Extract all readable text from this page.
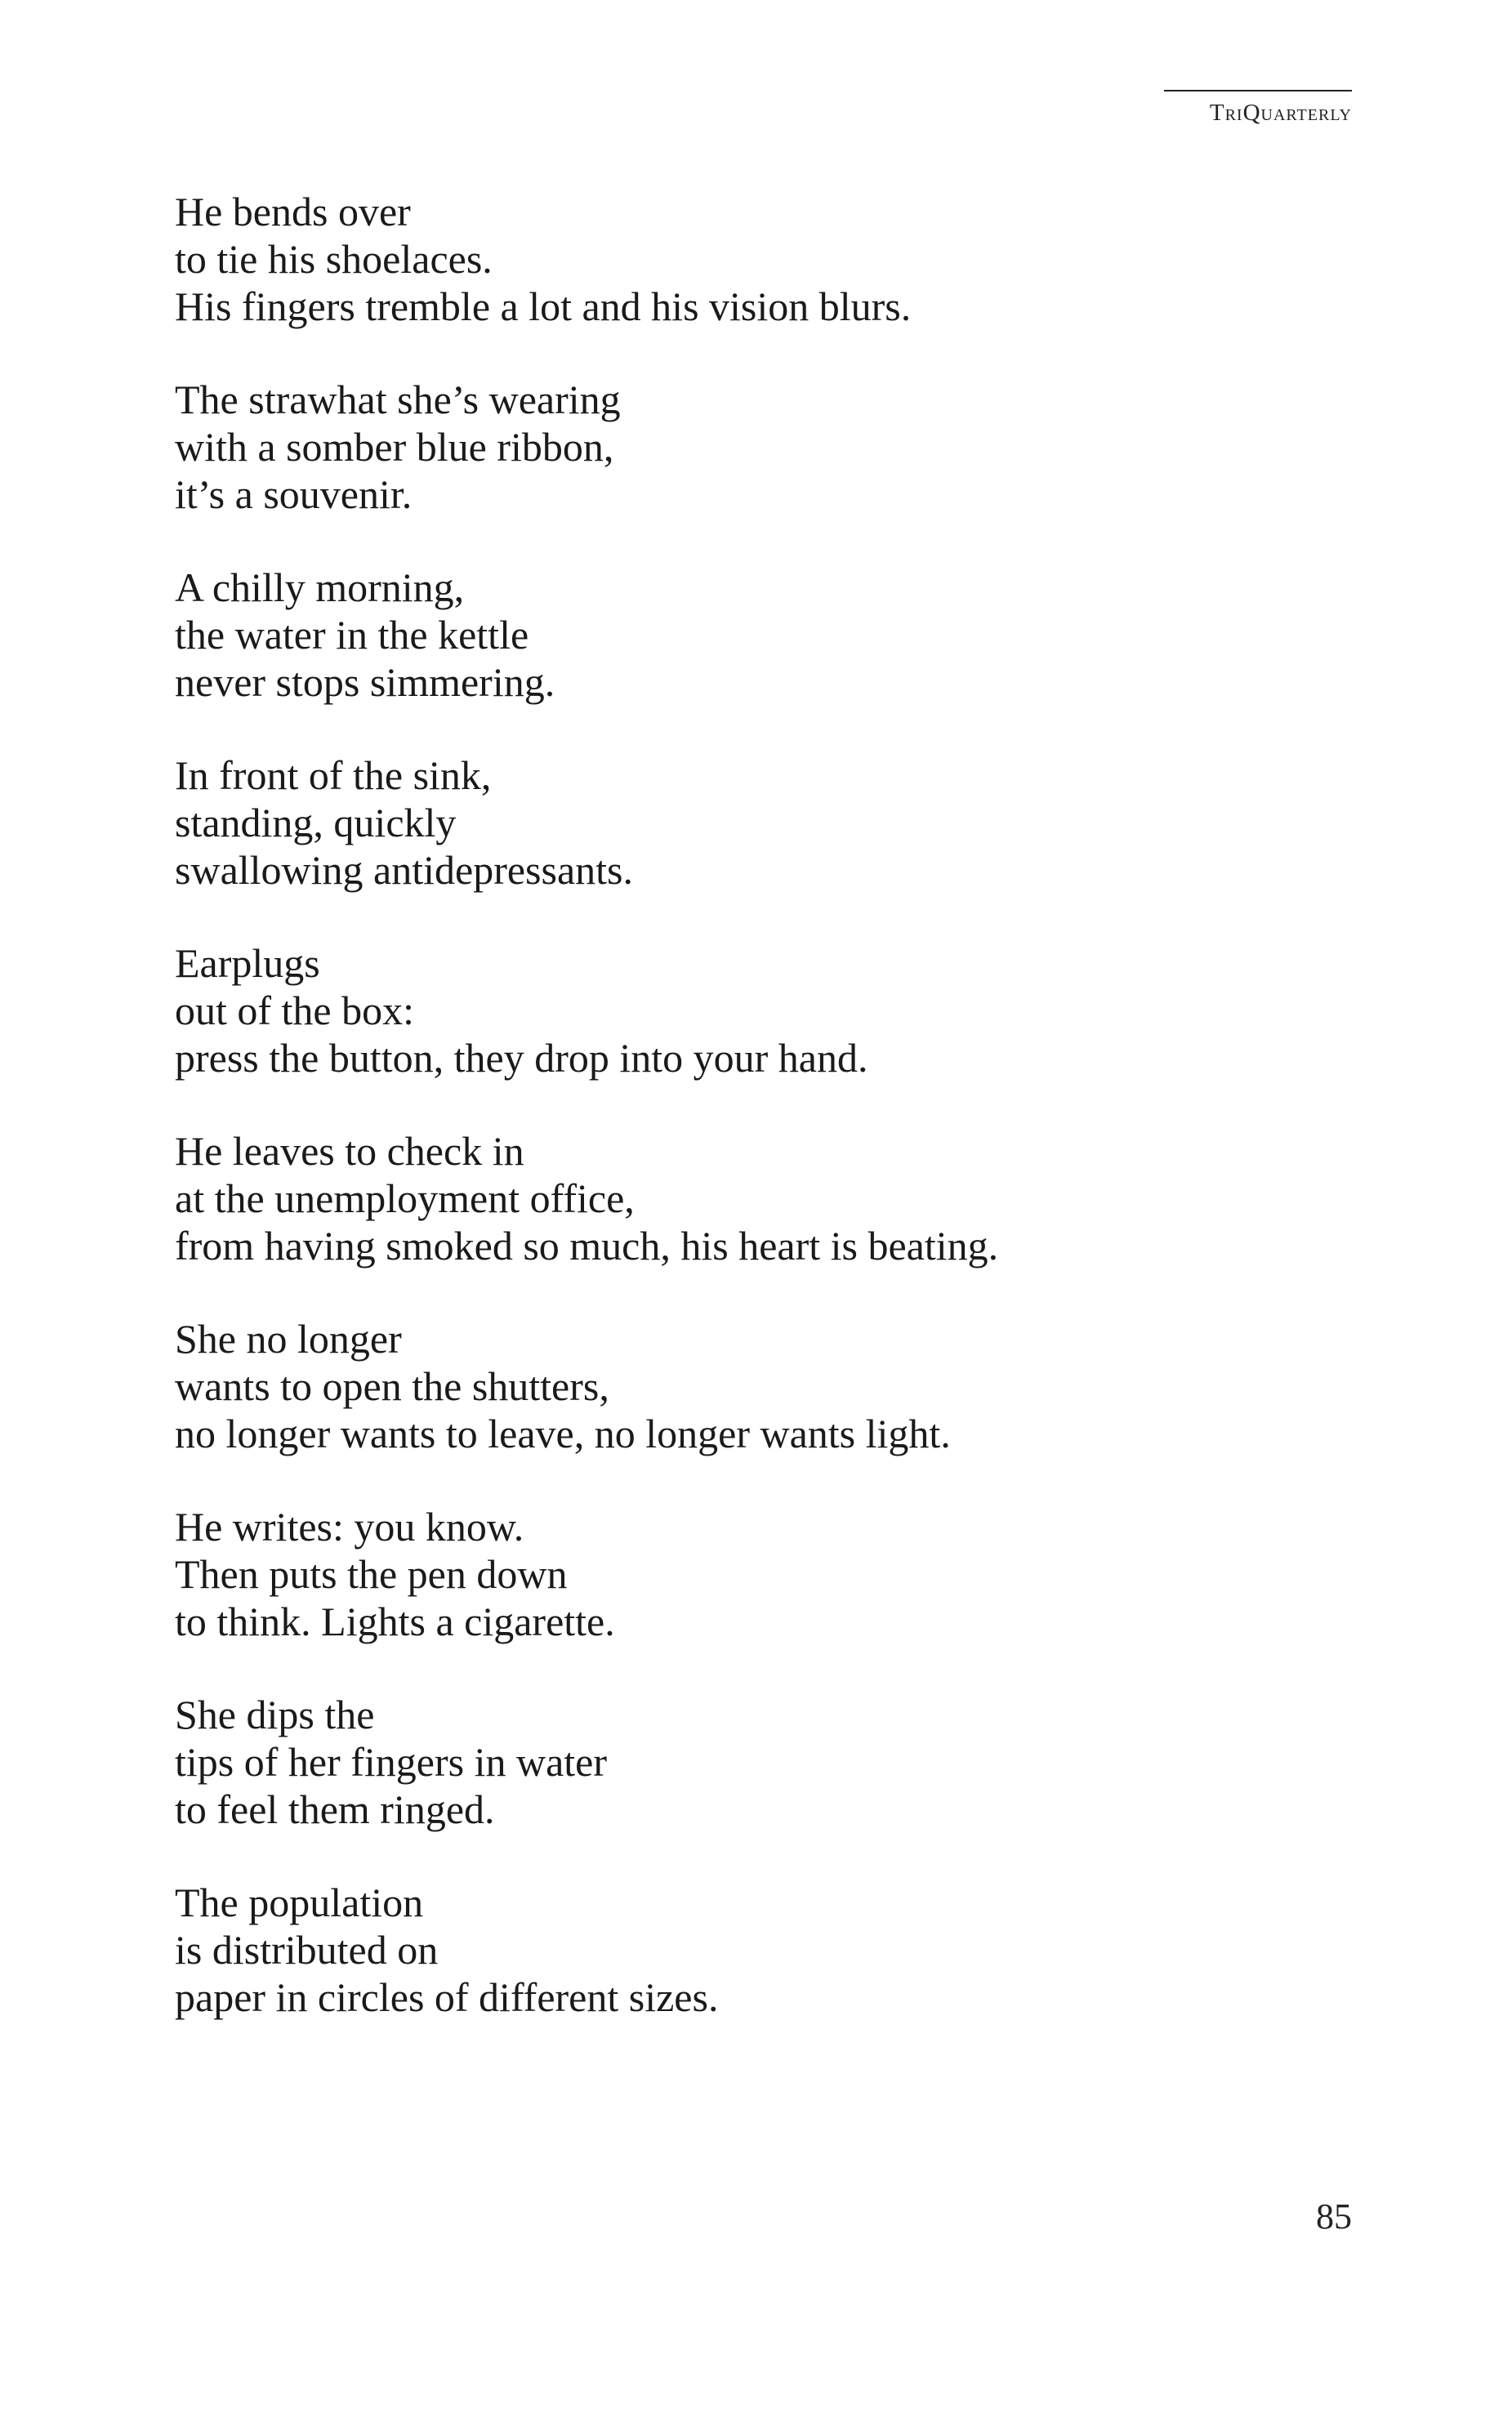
TriQuarterly
He bends over
to tie his shoelaces.
His fingers tremble a lot and his vision blurs.
The strawhat she’s wearing
with a somber blue ribbon,
it’s a souvenir.
A chilly morning,
the water in the kettle
never stops simmering.
In front of the sink,
standing, quickly
swallowing antidepressants.
Earplugs
out of the box:
press the button, they drop into your hand.
He leaves to check in
at the unemployment office,
from having smoked so much, his heart is beating.
She no longer
wants to open the shutters,
no longer wants to leave, no longer wants light.
He writes: you know.
Then puts the pen down
to think. Lights a cigarette.
She dips the
tips of her fingers in water
to feel them ringed.
The population
is distributed on
paper in circles of different sizes.
85
